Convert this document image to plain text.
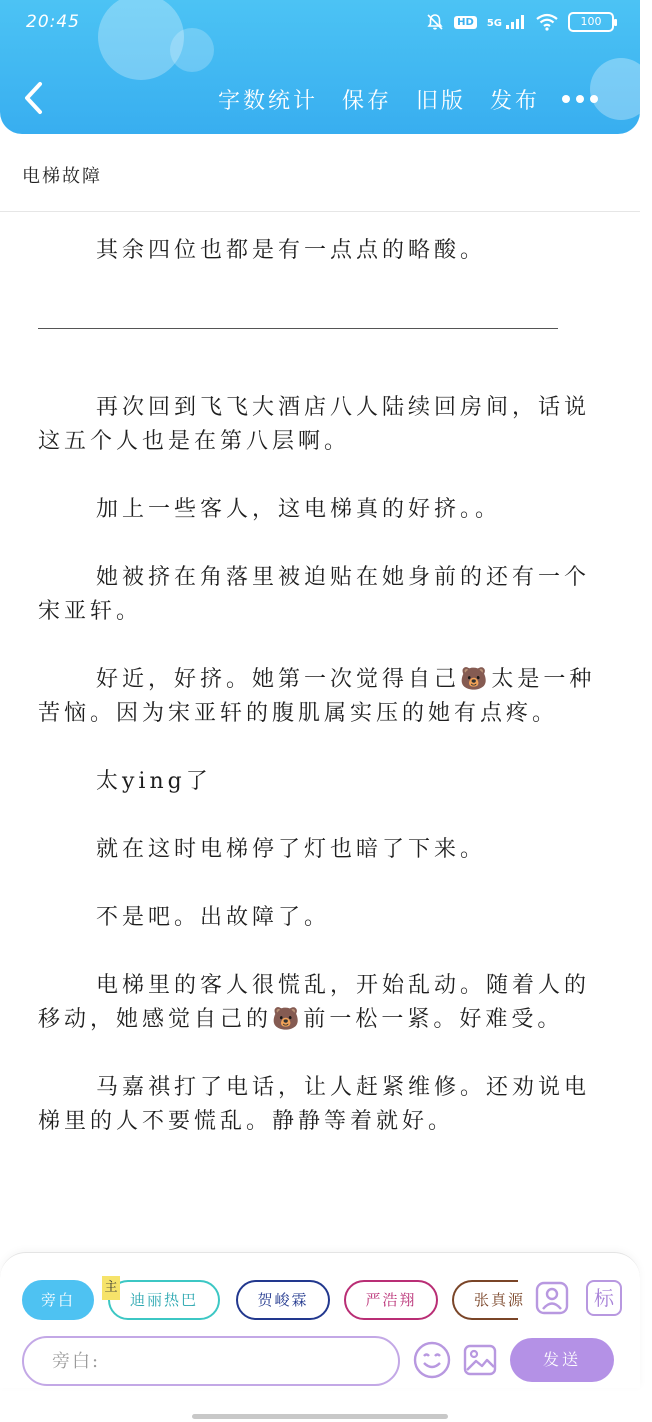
20:45	HD	5G	100
字数统计 保存 旧版 发布
电梯故障

其余四位也都是有一点点的略酸。

再次回到飞飞大酒店八人陆续回房间，话说这五个人也是在第八层啊。

加上一些客人，这电梯真的好挤。。

她被挤在角落里被迫贴在她身前的还有一个宋亚轩。

好近，好挤。她第一次觉得自己🐻太是一种苦恼。因为宋亚轩的腹肌属实压的她有点疼。

太ying了

就在这时电梯停了灯也暗了下来。

不是吧。出故障了。

电梯里的客人很慌乱，开始乱动。随着人的移动，她感觉自己的🐻前一松一紧。好难受。

马嘉祺打了电话，让人赶紧维修。还劝说电梯里的人不要慌乱。静静等着就好。

旁白	迪丽热巴
主
贺峻霖	严浩翔	张真源	标
旁白:
发送
